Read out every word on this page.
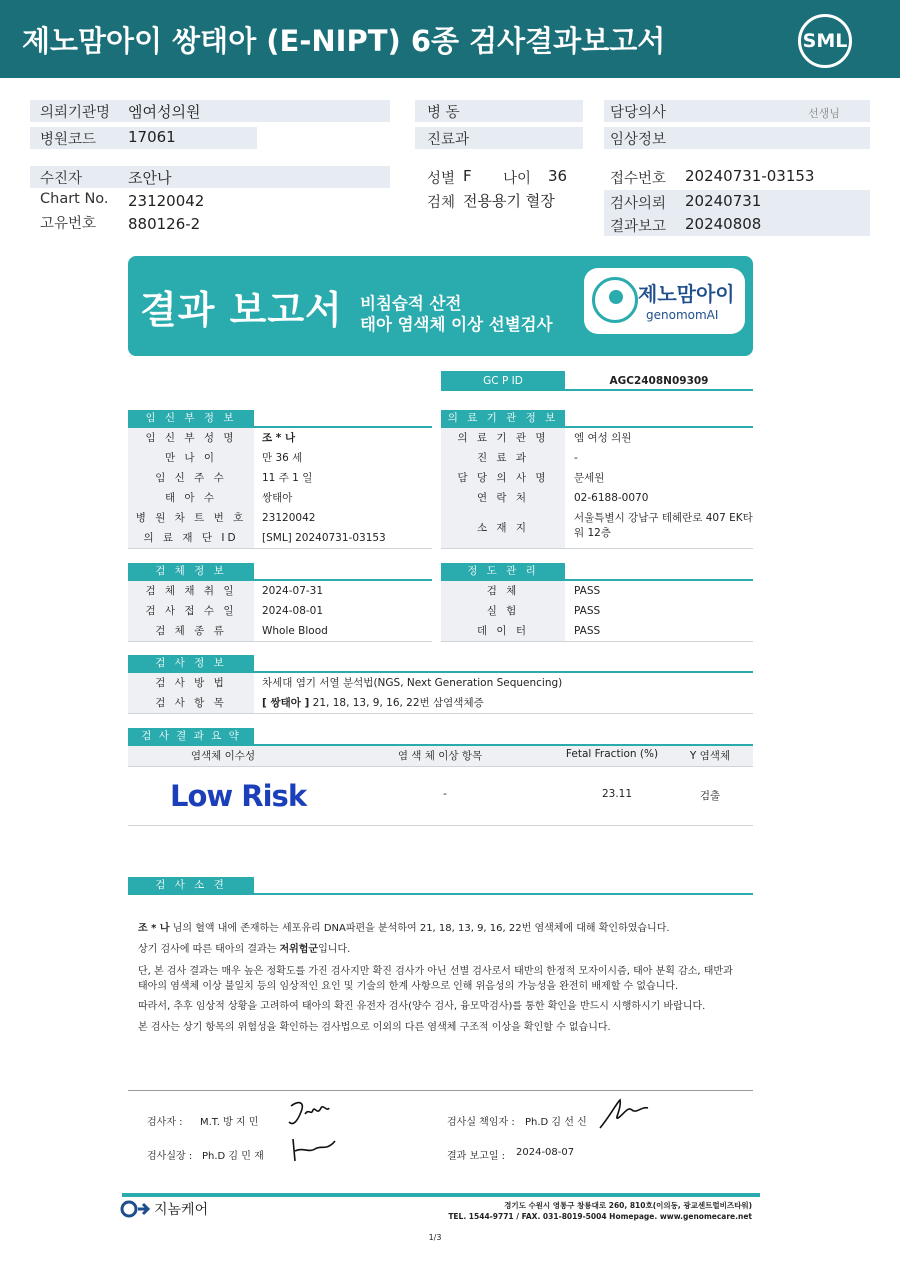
제노맘아이 쌍태아 (E-NIPT) 6종 검사결과보고서	SML
의뢰기관명 엠여성의원
병원코드 17061
병 동
진료과
담당의사	선생님
임상정보
수진자	조안나
Chart No. 23120042
고유번호 880126-2
성별 F 나이 36
검체 전용용기 혈장
접수번호 20240731-03153
검사의뢰 20240731
결과보고 20240808
결과 보고서 비침습적 산전
태아 염색체 이상 선별검사
제노맘아이
genomomAI
GC P ID	AGC2408N09309
임 신 부 정 보	의 료 기 관 정 보
임 신 부 성 명	조 * 나
만 나 이	만 36 세
임 신 주 수	11 주 1 일
태 아 수	쌍태아
병 원 차 트 번 호	23120042
의 료 재 단 ID	[SML] 20240731-03153
의 료 기 관 명	엠 여성 의원
진 료 과	-
담 당 의 사 명	문세원
연 락 처	02-6188-0070
소 재 지
서울특별시 강남구 테헤란로 407 EK타
워 12층
검 체 정 보	정 도 관 리
검 체 채 취 일	2024-07-31
검 사 접 수 일	2024-08-01
검 체 종 류	Whole Blood
검 체	PASS
실 험	PASS
데 이 터	PASS
검 사 정 보
검 사 방 법	차세대 염기 서열 분석법(NGS, Next Generation Sequencing)
검 사 항 목	[ 쌍태아 ] 21, 18, 13, 9, 16, 22번 삼염색체증
검 사 결 과 요 약
염색체 이수성	염 색 체 이상 항목	Fetal Fraction (%)	Y 염색체
Low Risk	-	23.11	검출
검 사 소 견
조 * 나 님의 혈액 내에 존재하는 세포유리 DNA파편을 분석하여 21, 18, 13, 9, 16, 22번 염색체에 대해 확인하였습니다.
상기 검사에 따른 태아의 결과는 저위험군입니다.
단, 본 검사 결과는 매우 높은 정확도를 가진 검사지만 확진 검사가 아닌 선별 검사로서 태반의 한정적 모자이시즘, 태아 분획 감소, 태반과
태아의 염색체 이상 불일치 등의 임상적인 요인 및 기술의 한계 사항으로 인해 위음성의 가능성을 완전히 배제할 수 없습니다.
따라서, 추후 임상적 상황을 고려하여 태아의 확진 유전자 검사(양수 검사, 융모막검사)를 통한 확인을 반드시 시행하시기 바랍니다.
본 검사는 상기 항목의 위험성을 확인하는 검사법으로 이외의 다른 염색체 구조적 이상을 확인할 수 없습니다.
검사자 : M.T. 방 지 민
검사실장 : Ph.D 김 민 재
검사실 책임자 : Ph.D 김 선 신
결과 보고일 : 2024-08-07
지놈케어	경기도 수원시 영통구 창룡대로 260, 810호(이의동, 광교센트럴비즈타워)
TEL. 1544-9771 / FAX. 031-8019-5004 Homepage. www.genomecare.net
1/3
